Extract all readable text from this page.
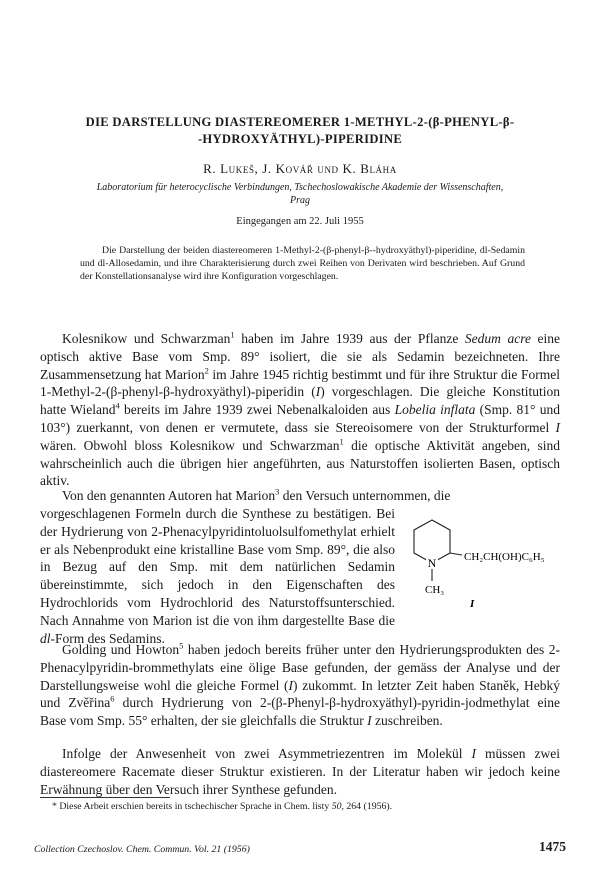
DIE DARSTELLUNG DIASTEREOMERER 1-METHYL-2-(β-PHENYL-β-
-HYDROXYÄTHYL)-PIPERIDINE
R. Lukeš, J. Kovář und K. Bláha
Laboratorium für heterocyclische Verbindungen, Tschechoslowakische Akademie der Wissenschaften,
Prag
Eingegangen am 22. Juli 1955
Die Darstellung der beiden diastereomeren 1-Methyl-2-(β-phenyl-β--hydroxyäthyl)-piperidine, dl-Sedamin und dl-Allosedamin, und ihre Charakterisierung durch zwei Reihen von Derivaten wird beschrieben. Auf Grund der Konstellationsanalyse wird ihre Konfiguration vorgeschlagen.
Kolesnikow und Schwarzman$^1$ haben im Jahre 1939 aus der Pflanze Sedum acre eine optisch aktive Base vom Smp. 89° isoliert, die sie als Sedamin bezeichneten. Ihre Zusammensetzung hat Marion$^2$ im Jahre 1945 richtig bestimmt und für ihre Struktur die Formel 1-Methyl-2-(β-phenyl-β-hydroxyäthyl)-piperidin (I) vorgeschlagen. Die gleiche Konstitution hatte Wieland$^4$ bereits im Jahre 1939 zwei Nebenalkaloiden aus Lobelia inflata (Smp. 81° und 103°) zuerkannt, von denen er vermutete, dass sie Stereoisomere von der Strukturformel I wären. Obwohl bloss Kolesnikow und Schwarzman$^1$ die optische Aktivität angeben, sind wahrscheinlich auch die übrigen hier angeführten, aus Naturstoffen isolierten Basen, optisch aktiv.
Von den genannten Autoren hat Marion$^3$ den Versuch unternommen, die
vorgeschlagenen Formeln durch die Synthese zu bestätigen. Bei der Hydrierung von 2-Phenacylpyridintoluolsulfomethylat erhielt er als Nebenprodukt eine kristalline Base vom Smp. 89°, die also in Bezug auf den Smp. mit dem natürlichen Sedamin übereinstimmte, sich jedoch in den Eigenschaften des Hydrochlorids vom Hydrochlorid des Naturstoffsunterschied. Nach Annahme von Marion ist die von ihm dargestellte Base die dl-Form des Sedamins.
N	CH₂CH(OH)C₆H₅
CH₃
I
Golding und Howton$^5$ haben jedoch bereits früher unter den Hydrierungsprodukten des 2-Phenacylpyridin-brommethylats eine ölige Base gefunden, der gemäss der Analyse und der Darstellungsweise wohl die gleiche Formel (I) zukommt. In letzter Zeit haben Staněk, Hebký und Zvěřina$^6$ durch Hydrierung von 2-(β-Phenyl-β-hydroxyäthyl)-pyridin-jodmethylat eine Base vom Smp. 55° erhalten, der sie gleichfalls die Struktur I zuschreiben.
Infolge der Anwesenheit von zwei Asymmetriezentren im Molekül I müssen zwei diastereomere Racemate dieser Struktur existieren. In der Literatur haben wir jedoch keine Erwähnung über den Versuch ihrer Synthese gefunden.
* Diese Arbeit erschien bereits in tschechischer Sprache in Chem. listy 50, 264 (1956).
Collection Czechoslov. Chem. Commun. Vol. 21 (1956)	1475
